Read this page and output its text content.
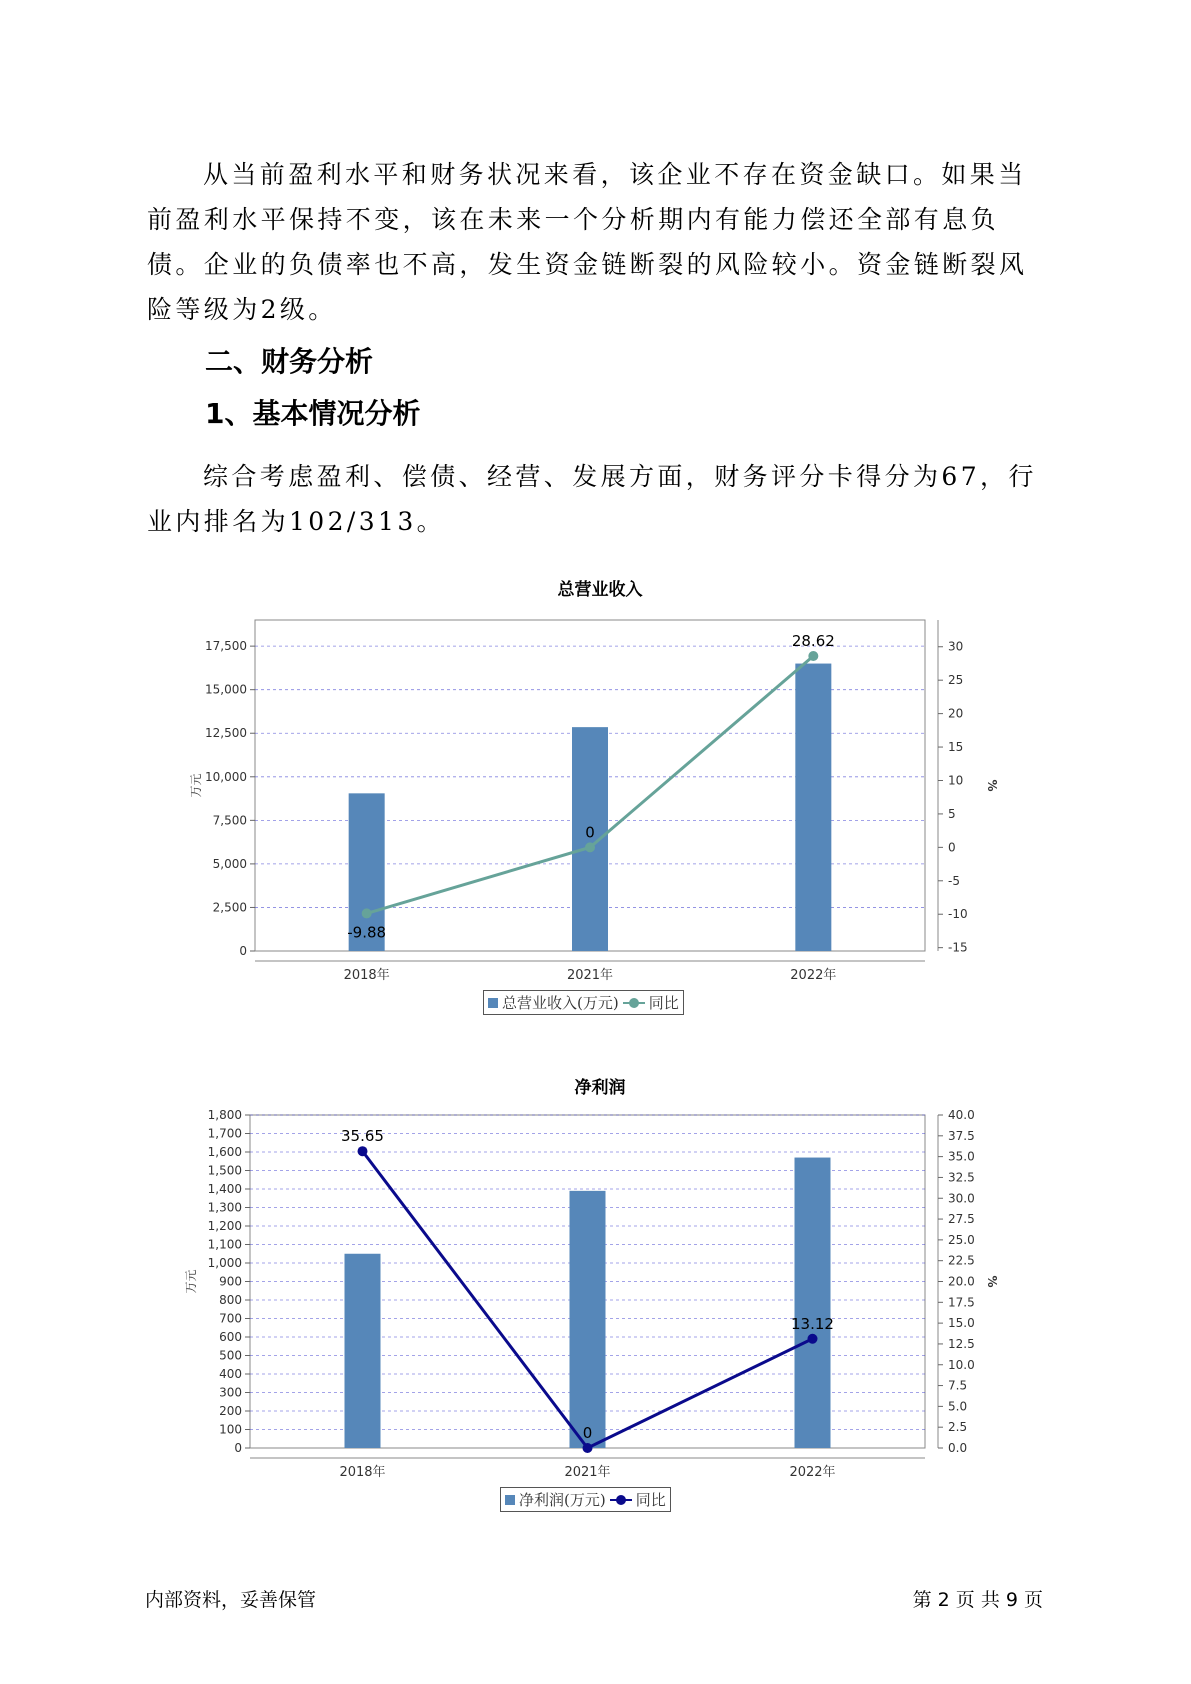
从当前盈利水平和财务状况来看，该企业不存在资金缺口。如果当前盈利水平保持不变，该在未来一个分析期内有能力偿还全部有息负债。企业的负债率也不高，发生资金链断裂的风险较小。资金链断裂风险等级为2级。

二、财务分析
1、基本情况分析

综合考虑盈利、偿债、经营、发展方面，财务评分卡得分为67，行业内排名为102/313。

总营业收入
0
2,500
5,000
7,500
10,000
12,500
15,000
17,500
-15
-10
-5
0
5
10
15
20
25
30
万元	%
2018年	2021年	2022年
-9.88
0
28.62
总营业收入(万元) 同比
净利润
0
100
200
300
400
500
600
700
800
900
1,000
1,100
1,200
1,300
1,400
1,500
1,600
1,700
1,800
0.0
2.5
5.0
7.5
10.0
12.5
15.0
17.5
20.0
22.5
25.0
27.5
30.0
32.5
35.0
37.5
40.0
万元	%
2018年	2021年	2022年
35.65
0
13.12
净利润(万元) 同比
内部资料，妥善保管	第 2 页 共 9 页
